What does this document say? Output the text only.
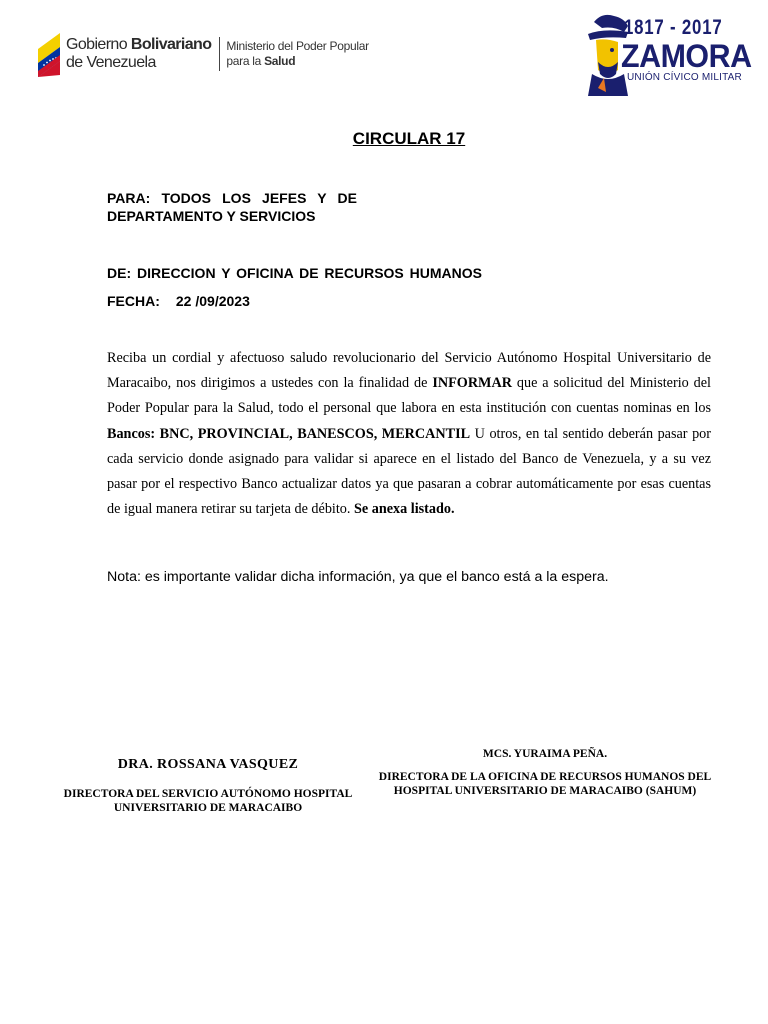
Gobierno Bolivariano
de Venezuela
Ministerio del Poder Popular
para la Salud
1817 - 2017
ZAMORA
UNIÓN CÍVICO MILITAR
CIRCULAR 17
PARA: TODOS LOS JEFES Y DE DEPARTAMENTO Y SERVICIOS
DE: DIRECCION Y OFICINA DE RECURSOS HUMANOS
FECHA: 22 /09/2023
Reciba un cordial y afectuoso saludo revolucionario del Servicio Autónomo Hospital Universitario de Maracaibo, nos dirigimos a ustedes con la finalidad de INFORMAR que a solicitud del Ministerio del Poder Popular para la Salud, todo el personal que labora en esta institución con cuentas nominas en los Bancos: BNC, PROVINCIAL, BANESCOS, MERCANTIL U otros, en tal sentido deberán pasar por cada servicio donde asignado para validar si aparece en el listado del Banco de Venezuela, y a su vez pasar por el respectivo Banco actualizar datos ya que pasaran a cobrar automáticamente por esas cuentas de igual manera retirar su tarjeta de débito. Se anexa listado.
Nota: es importante validar dicha información, ya que el banco está a la espera.
DRA. ROSSANA VASQUEZ
DIRECTORA DEL SERVICIO AUTÓNOMO HOSPITAL UNIVERSITARIO DE MARACAIBO
MCS. YURAIMA PEÑA.
DIRECTORA DE LA OFICINA DE RECURSOS HUMANOS DEL HOSPITAL UNIVERSITARIO DE MARACAIBO (SAHUM)
